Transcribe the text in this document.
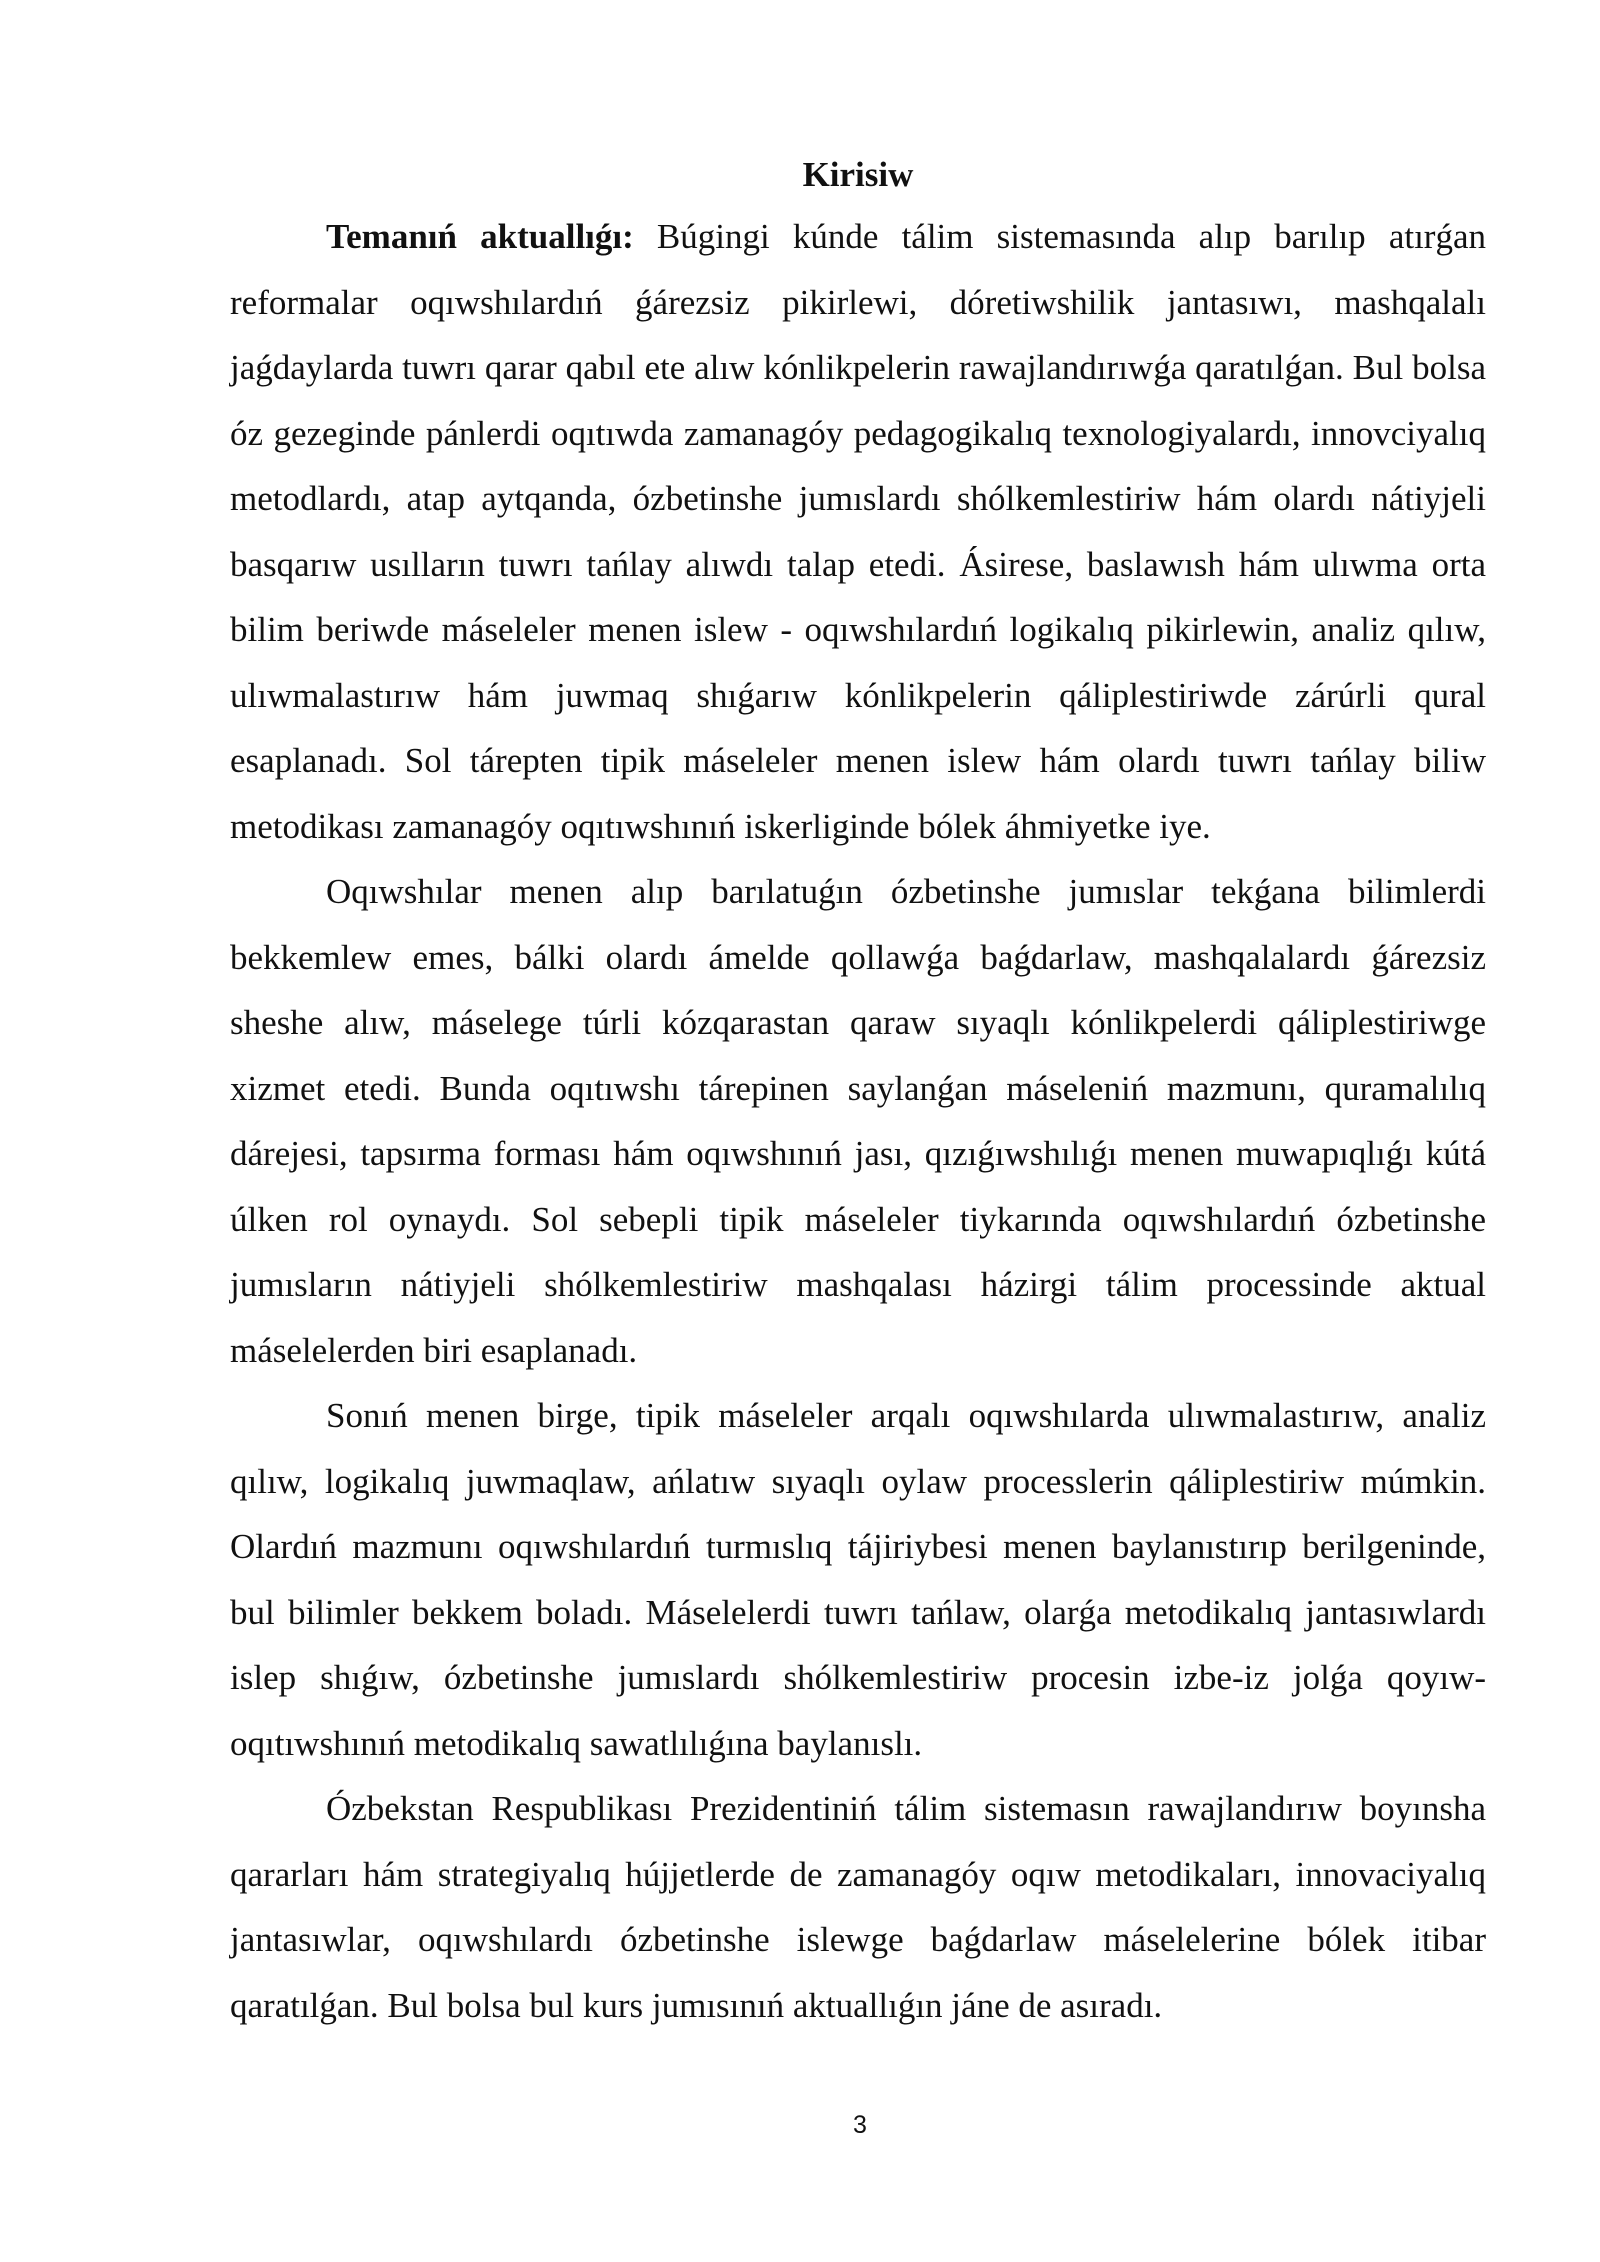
Kirisiw

Temanıń aktuallıǵı: Búgingi kúnde tálim sistemasında alıp barılıp atırǵan reformalar oqıwshılardıń ǵárezsiz pikirlewi, dóretiwshilik jantasıwı, mashqalalı jaǵdaylarda tuwrı qarar qabıl ete alıw kónlikpelerin rawajlandırıwǵa qaratılǵan. Bul bolsa óz gezeginde pánlerdi oqıtıwda zamanagóy pedagogikalıq texnologiyalardı, innovciyalıq metodlardı, atap aytqanda, ózbetinshe jumıslardı shólkemlestiriw hám olardı nátiyjeli basqarıw usılların tuwrı tańlay alıwdı talap etedi. Ásirese, baslawısh hám ulıwma orta bilim beriwde máseleler menen islew - oqıwshılardıń logikalıq pikirlewin, analiz qılıw, ulıwmalastırıw hám juwmaq shıǵarıw kónlikpelerin qáliplestiriwde zárúrli qural esaplanadı. Sol tárepten tipik máseleler menen islew hám olardı tuwrı tańlay biliw metodikası zamanagóy oqıtıwshınıń iskerliginde bólek áhmiyetke iye.

Oqıwshılar menen alıp barılatuǵın ózbetinshe jumıslar tekǵana bilimlerdi bekkemlew emes, bálki olardı ámelde qollawǵa baǵdarlaw, mashqalalardı ǵárezsiz sheshe alıw, máselege túrli kózqarastan qaraw sıyaqlı kónlikpelerdi qáliplestiriwge xizmet etedi. Bunda oqıtıwshı tárepinen saylanǵan máseleniń mazmunı, quramalılıq dárejesi, tapsırma forması hám oqıwshınıń jası, qızıǵıwshılıǵı menen muwapıqlıǵı kútá úlken rol oynaydı. Sol sebepli tipik máseleler tiykarında oqıwshılardıń ózbetinshe jumısların nátiyjeli shólkemlestiriw mashqalası házirgi tálim processinde aktual máselelerden biri esaplanadı.

Sonıń menen birge, tipik máseleler arqalı oqıwshılarda ulıwmalastırıw, analiz qılıw, logikalıq juwmaqlaw, ańlatıw sıyaqlı oylaw processlerin qáliplestiriw múmkin. Olardıń mazmunı oqıwshılardıń turmıslıq tájiriybesi menen baylanıstırıp berilgeninde, bul bilimler bekkem boladı. Máselelerdi tuwrı tańlaw, olarǵa metodikalıq jantasıwlardı islep shıǵıw, ózbetinshe jumıslardı shólkemlestiriw procesin izbe-iz jolǵa qoyıw-oqıtıwshınıń metodikalıq sawatlılıǵına baylanıslı.

Ózbekstan Respublikası Prezidentiniń tálim sistemasın rawajlandırıw boyınsha qararları hám strategiyalıq hújjetlerde de zamanagóy oqıw metodikaları, innovaciyalıq jantasıwlar, oqıwshılardı ózbetinshe islewge baǵdarlaw máselelerine bólek itibar qaratılǵan. Bul bolsa bul kurs jumısınıń aktuallıǵın jáne de asıradı.

3
